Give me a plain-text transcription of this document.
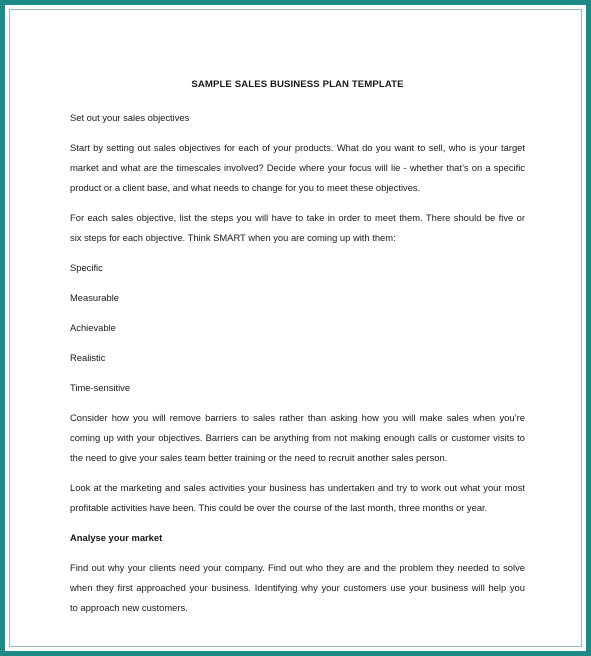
SAMPLE SALES BUSINESS PLAN TEMPLATE
Set out your sales objectives
Start by setting out sales objectives for each of your products. What do you want to sell, who is your target
market and what are the timescales involved? Decide where your focus will lie - whether that’s on a specific
product or a client base, and what needs to change for you to meet these objectives.
For each sales objective, list the steps you will have to take in order to meet them. There should be five or
six steps for each objective. Think SMART when you are coming up with them:
Specific
Measurable
Achievable
Realistic
Time-sensitive
Consider how you will remove barriers to sales rather than asking how you will make sales when you’re
coming up with your objectives. Barriers can be anything from not making enough calls or customer visits to
the need to give your sales team better training or the need to recruit another sales person.
Look at the marketing and sales activities your business has undertaken and try to work out what your most
profitable activities have been. This could be over the course of the last month, three months or year.
Analyse your market
Find out why your clients need your company. Find out who they are and the problem they needed to solve
when they first approached your business. Identifying why your customers use your business will help you
to approach new customers.
